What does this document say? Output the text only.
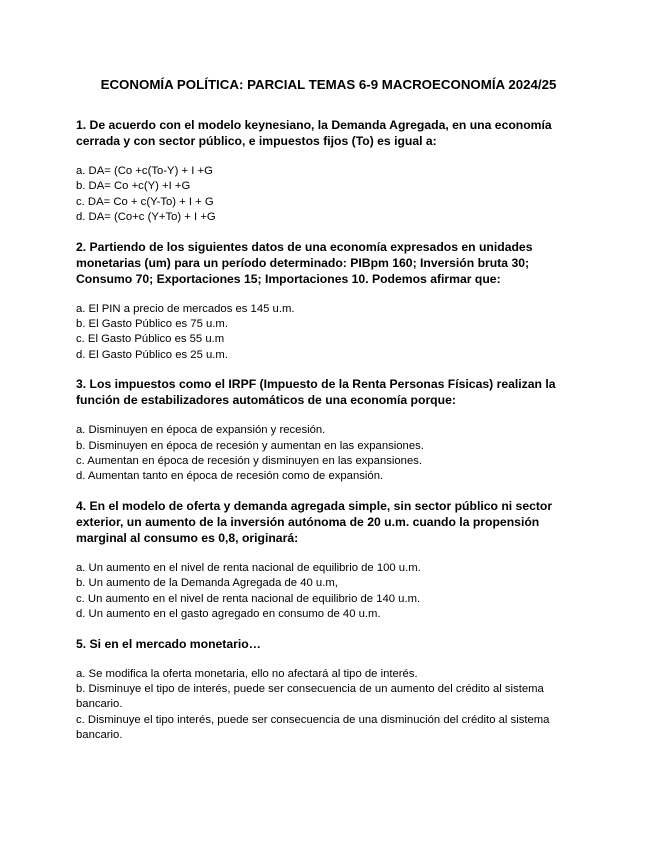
ECONOMÍA POLÍTICA: PARCIAL TEMAS 6-9 MACROECONOMÍA 2024/25

1. De acuerdo con el modelo keynesiano, la Demanda Agregada, en una economía cerrada y con sector público, e impuestos fijos (To) es igual a:

a. DA= (Co +c(To-Y) + I +G
b. DA= Co +c(Y) +I +G
c. DA= Co + c(Y-To) + I + G
d. DA= (Co+c (Y+To) + I +G

2. Partiendo de los siguientes datos de una economía expresados en unidades monetarias (um) para un período determinado: PIBpm 160; Inversión bruta 30; Consumo 70; Exportaciones 15; Importaciones 10. Podemos afirmar que:

a. El PIN a precio de mercados es 145 u.m.
b. El Gasto Público es 75 u.m.
c. El Gasto Público es 55 u.m
d. El Gasto Público es 25 u.m.

3. Los impuestos como el IRPF (Impuesto de la Renta Personas Físicas) realizan la función de estabilizadores automáticos de una economía porque:

a. Disminuyen en época de expansión y recesión.
b. Disminuyen en época de recesión y aumentan en las expansiones.
c. Aumentan en época de recesión y disminuyen en las expansiones.
d. Aumentan tanto en época de recesión como de expansión.

4. En el modelo de oferta y demanda agregada simple, sin sector público ni sector exterior, un aumento de la inversión autónoma de 20 u.m. cuando la propensión marginal al consumo es 0,8, originará:

a. Un aumento en el nivel de renta nacional de equilibrio de 100 u.m.
b. Un aumento de la Demanda Agregada de 40 u.m,
c. Un aumento en el nivel de renta nacional de equilibrio de 140 u.m.
d. Un aumento en el gasto agregado en consumo de 40 u.m.

5. Si en el mercado monetario…

a. Se modifica la oferta monetaria, ello no afectará al tipo de interés.
b. Disminuye el tipo de interés, puede ser consecuencia de un aumento del crédito al sistema bancario.
c. Disminuye el tipo interés, puede ser consecuencia de una disminución del crédito al sistema bancario.
